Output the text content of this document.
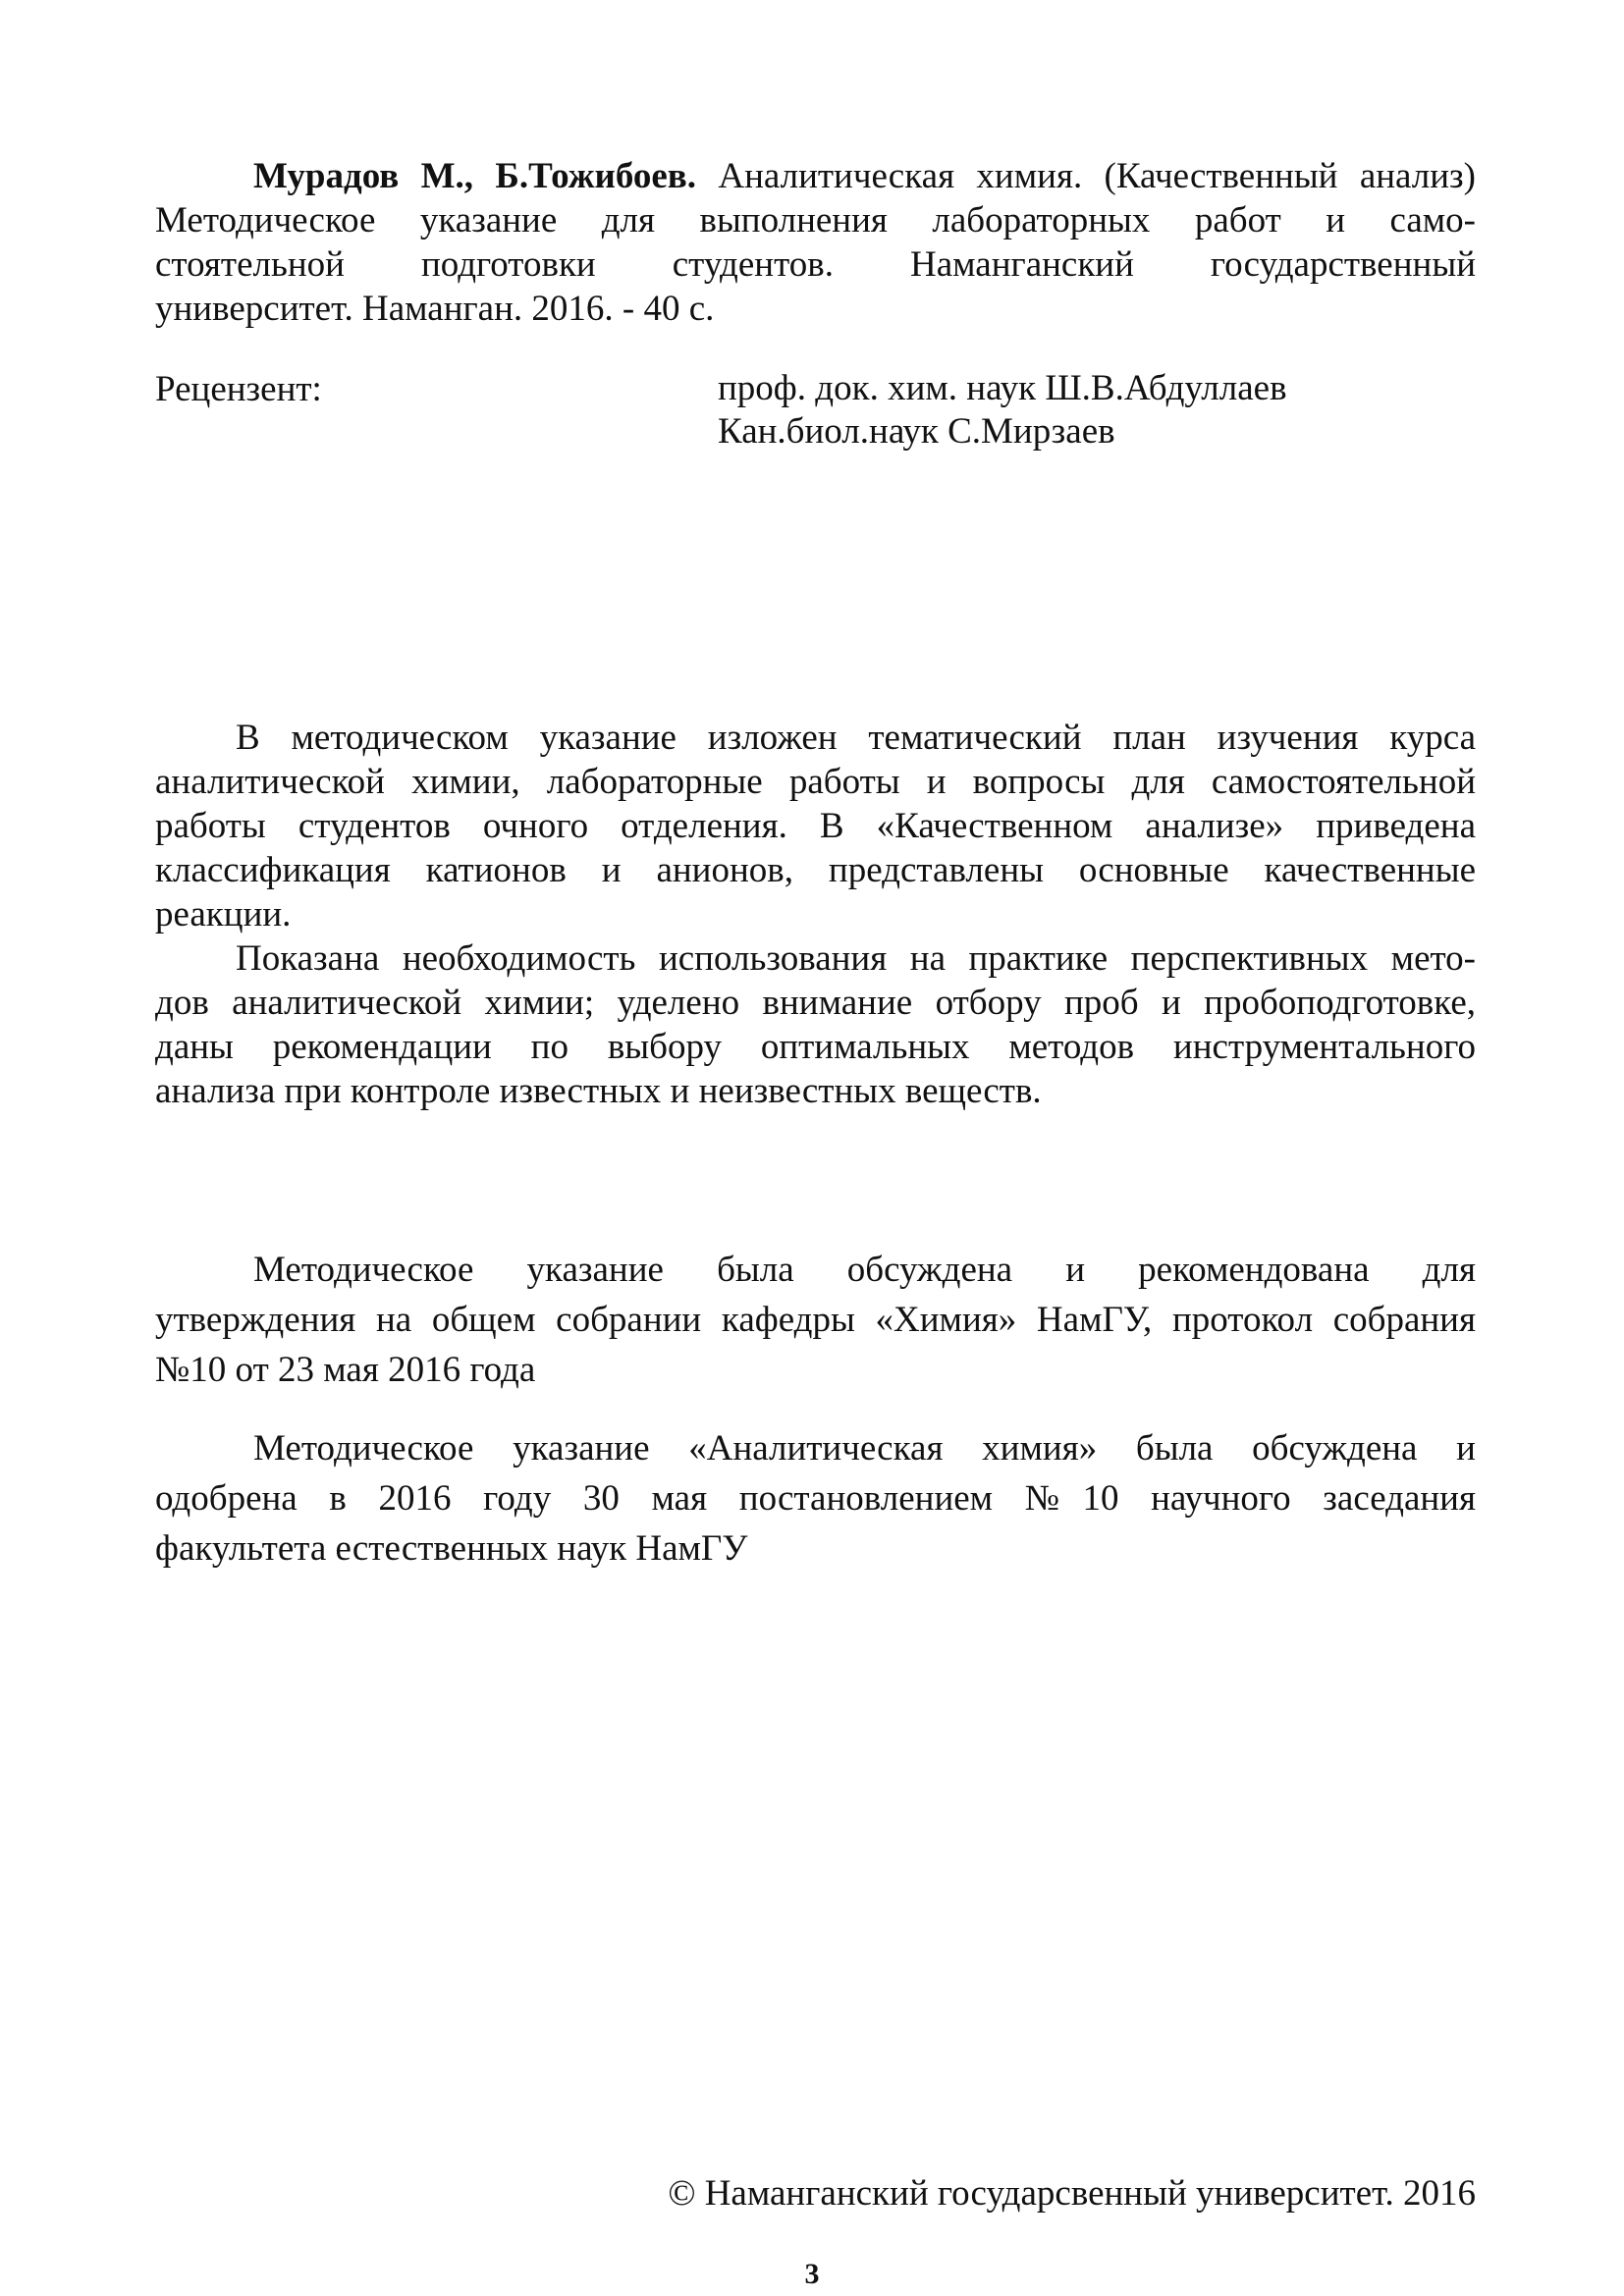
Мурадов М., Б.Тожибоев. Аналитическая химия. (Качественный анализ)
Методическое указание для выполнения лабораторных работ и само-
стоятельной подготовки студентов. Наманганский государственный
университет. Наманган. 2016. - 40 с.
Рецензент:	проф. док. хим. наук Ш.В.Абдуллаев
Кан.биол.наук С.Мирзаев
В методическом указание изложен тематический план изучения курса
аналитической химии, лабораторные работы и вопросы для самостоятельной
работы студентов очного отделения. В «Качественном анализе» приведена
классификация катионов и анионов, представлены основные качественные
реакции.
Показана необходимость использования на практике перспективных мето-
дов аналитической химии; уделено внимание отбору проб и пробоподготовке,
даны рекомендации по выбору оптимальных методов инструментального
анализа при контроле известных и неизвестных веществ.
Методическое указание была обсуждена и рекомендована для
утверждения на общем собрании кафедры «Химия» НамГУ, протокол собрания
№10 от 23 мая 2016 года
Методическое указание «Аналитическая химия» была обсуждена и
одобрена в 2016 году 30 мая постановлением №10 научного заседания
факультета естественных наук НамГУ
© Наманганский государсвенный университет. 2016
3
